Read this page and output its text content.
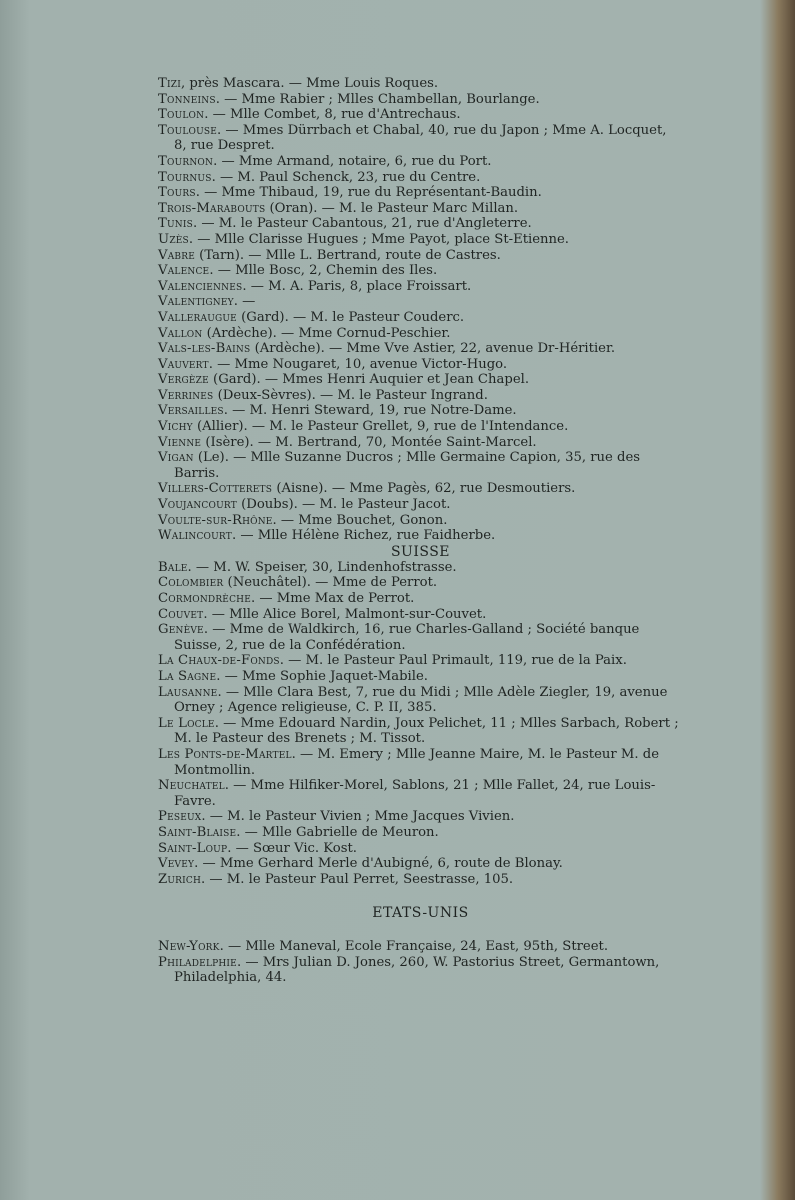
Tizi, près Mascara. — Mme Louis Roques.

Tonneins. — Mme Rabier ; Mlles Chambellan, Bourlange.

Toulon. — Mlle Combet, 8, rue d'Antrechaus.

Toulouse. — Mmes Dürrbach et Chabal, 40, rue du Japon ; Mme A. Locquet, 8, rue Despret.

Tournon. — Mme Armand, notaire, 6, rue du Port.

Tournus. — M. Paul Schenck, 23, rue du Centre.

Tours. — Mme Thibaud, 19, rue du Représentant-Baudin.

Trois-Marabouts (Oran). — M. le Pasteur Marc Millan.

Tunis. — M. le Pasteur Cabantous, 21, rue d'Angleterre.

Uzès. — Mlle Clarisse Hugues ; Mme Payot, place St-Etienne.

Vabre (Tarn). — Mlle L. Bertrand, route de Castres.

Valence. — Mlle Bosc, 2, Chemin des Iles.

Valenciennes. — M. A. Paris, 8, place Froissart.

Valentigney. —

Valleraugue (Gard). — M. le Pasteur Couderc.

Vallon (Ardèche). — Mme Cornud-Peschier.

Vals-les-Bains (Ardèche). — Mme Vve Astier, 22, avenue Dr-Héritier.

Vauvert. — Mme Nougaret, 10, avenue Victor-Hugo.

Vergèze (Gard). — Mmes Henri Auquier et Jean Chapel.

Verrines (Deux-Sèvres). — M. le Pasteur Ingrand.

Versailles. — M. Henri Steward, 19, rue Notre-Dame.

Vichy (Allier). — M. le Pasteur Grellet, 9, rue de l'Intendance.

Vienne (Isère). — M. Bertrand, 70, Montée Saint-Marcel.

Vigan (Le). — Mlle Suzanne Ducros ; Mlle Germaine Capion, 35, rue des Barris.

Villers-Cotterets (Aisne). — Mme Pagès, 62, rue Desmoutiers.

Voujancourt (Doubs). — M. le Pasteur Jacot.

Voulte-sur-Rhône. — Mme Bouchet, Gonon.

Walincourt. — Mlle Hélène Richez, rue Faidherbe.

SUISSE

Bale. — M. W. Speiser, 30, Lindenhofstrasse.

Colombier (Neuchâtel). — Mme de Perrot.

Cormondrèche. — Mme Max de Perrot.

Couvet. — Mlle Alice Borel, Malmont-sur-Couvet.

Genève. — Mme de Waldkirch, 16, rue Charles-Galland ; Société banque Suisse, 2, rue de la Confédération.

La Chaux-de-Fonds. — M. le Pasteur Paul Primault, 119, rue de la Paix.

La Sagne. — Mme Sophie Jaquet-Mabile.

Lausanne. — Mlle Clara Best, 7, rue du Midi ; Mlle Adèle Ziegler, 19, avenue Orney ; Agence religieuse, C. P. II, 385.

Le Locle. — Mme Edouard Nardin, Joux Pelichet, 11 ; Mlles Sarbach, Robert ; M. le Pasteur des Brenets ; M. Tissot.

Les Ponts-de-Martel. — M. Emery ; Mlle Jeanne Maire, M. le Pasteur M. de Montmollin.

Neuchatel. — Mme Hilfiker-Morel, Sablons, 21 ; Mlle Fallet, 24, rue Louis-Favre.

Peseux. — M. le Pasteur Vivien ; Mme Jacques Vivien.

Saint-Blaise. — Mlle Gabrielle de Meuron.

Saint-Loup. — Sœur Vic. Kost.

Vevey. — Mme Gerhard Merle d'Aubigné, 6, route de Blonay.

Zurich. — M. le Pasteur Paul Perret, Seestrasse, 105.

ETATS-UNIS

New-York. — Mlle Maneval, Ecole Française, 24, East, 95th, Street.

Philadelphie. — Mrs Julian D. Jones, 260, W. Pastorius Street, Germantown, Philadelphia, 44.
